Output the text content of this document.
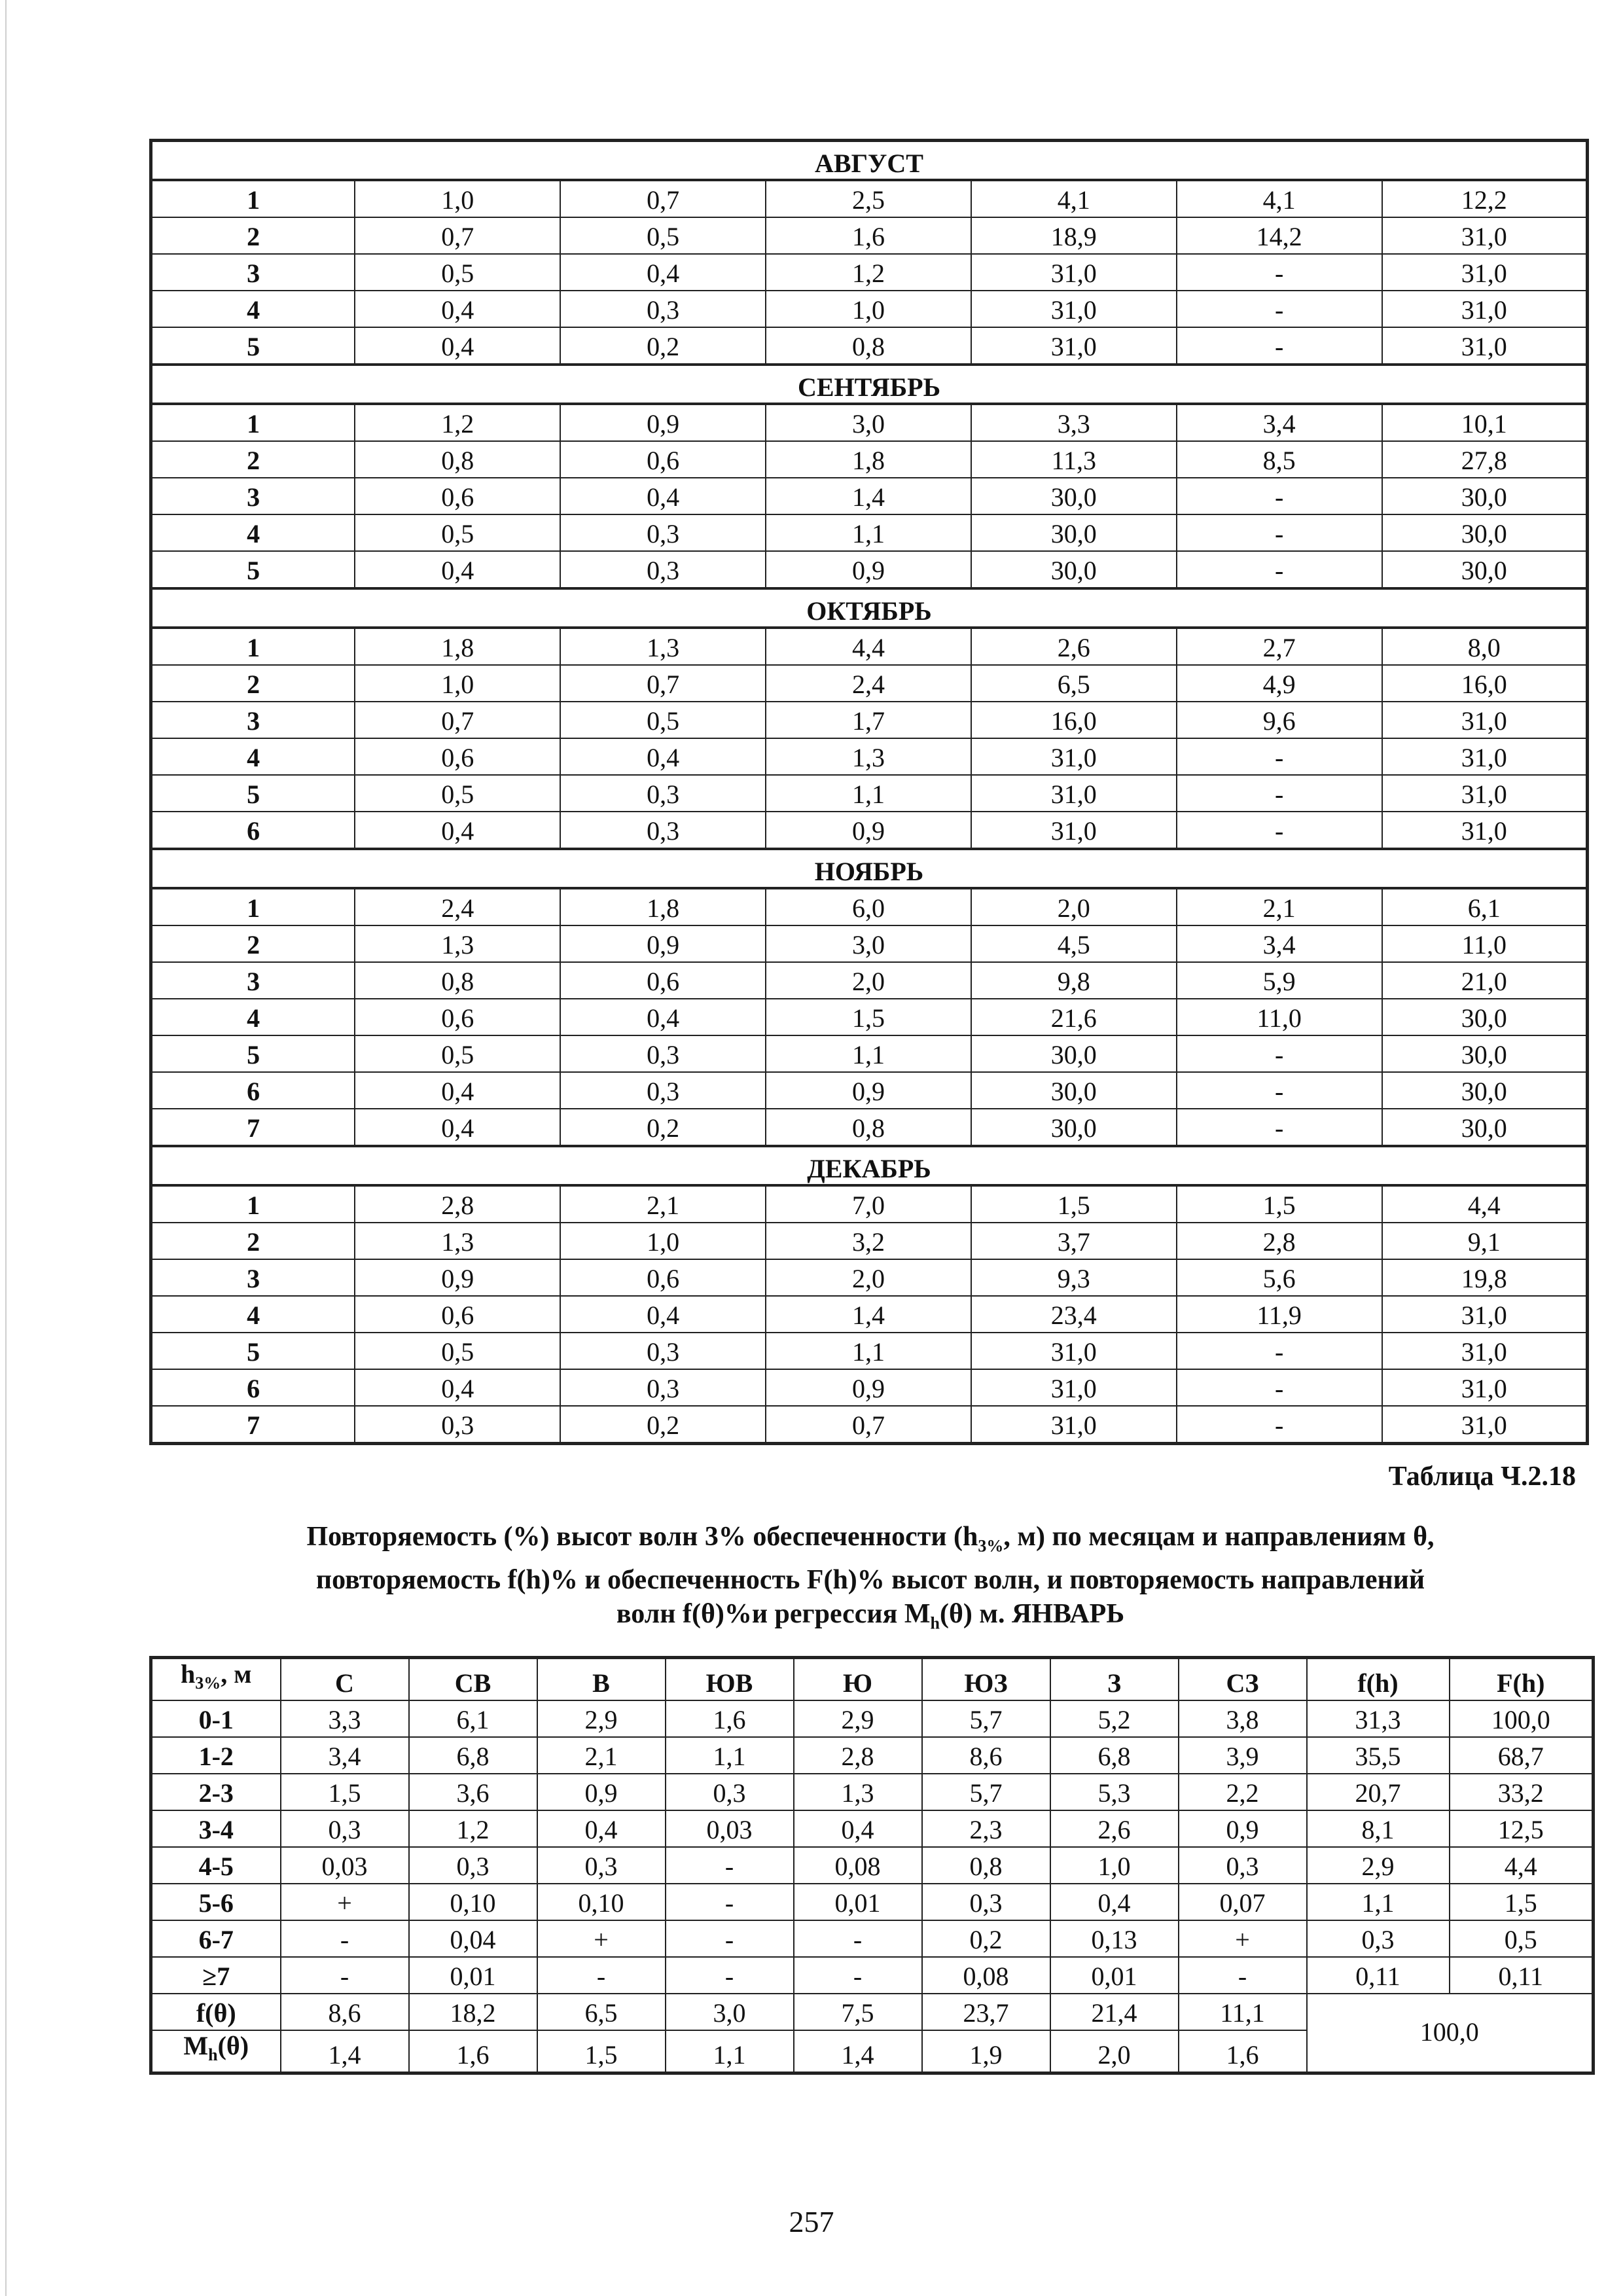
АВГУСТ						
1	1,0	0,7	2,5	4,1	4,1	12,2
2	0,7	0,5	1,6	18,9	14,2	31,0
3	0,5	0,4	1,2	31,0	-	31,0
4	0,4	0,3	1,0	31,0	-	31,0
5	0,4	0,2	0,8	31,0	-	31,0
СЕНТЯБРЬ						
1	1,2	0,9	3,0	3,3	3,4	10,1
2	0,8	0,6	1,8	11,3	8,5	27,8
3	0,6	0,4	1,4	30,0	-	30,0
4	0,5	0,3	1,1	30,0	-	30,0
5	0,4	0,3	0,9	30,0	-	30,0
ОКТЯБРЬ						
1	1,8	1,3	4,4	2,6	2,7	8,0
2	1,0	0,7	2,4	6,5	4,9	16,0
3	0,7	0,5	1,7	16,0	9,6	31,0
4	0,6	0,4	1,3	31,0	-	31,0
5	0,5	0,3	1,1	31,0	-	31,0
6	0,4	0,3	0,9	31,0	-	31,0
НОЯБРЬ						
1	2,4	1,8	6,0	2,0	2,1	6,1
2	1,3	0,9	3,0	4,5	3,4	11,0
3	0,8	0,6	2,0	9,8	5,9	21,0
4	0,6	0,4	1,5	21,6	11,0	30,0
5	0,5	0,3	1,1	30,0	-	30,0
6	0,4	0,3	0,9	30,0	-	30,0
7	0,4	0,2	0,8	30,0	-	30,0
ДЕКАБРЬ						
1	2,8	2,1	7,0	1,5	1,5	4,4
2	1,3	1,0	3,2	3,7	2,8	9,1
3	0,9	0,6	2,0	9,3	5,6	19,8
4	0,6	0,4	1,4	23,4	11,9	31,0
5	0,5	0,3	1,1	31,0	-	31,0
6	0,4	0,3	0,9	31,0	-	31,0
7	0,3	0,2	0,7	31,0	-	31,0
Таблица Ч.2.18
Повторяемость (%) высот волн 3% обеспеченности ($h_{3\%}$, м) по месяцам и направлениям θ,
повторяемость f(h)% и обеспеченность F(h)% высот волн, и повторяемость направлений
волн f(θ)%и регрессия $M_h(\theta)$ м. ЯНВАРЬ
$h_{3\%}$, м	С	СВ	В	ЮВ	Ю	ЮЗ	З	СЗ	f(h)	F(h)
0-1	3,3	6,1	2,9	1,6	2,9	5,7	5,2	3,8	31,3	100,0
1-2	3,4	6,8	2,1	1,1	2,8	8,6	6,8	3,9	35,5	68,7
2-3	1,5	3,6	0,9	0,3	1,3	5,7	5,3	2,2	20,7	33,2
3-4	0,3	1,2	0,4	0,03	0,4	2,3	2,6	0,9	8,1	12,5
4-5	0,03	0,3	0,3	-	0,08	0,8	1,0	0,3	2,9	4,4
5-6	+	0,10	0,10	-	0,01	0,3	0,4	0,07	1,1	1,5
6-7	-	0,04	+	-	-	0,2	0,13	+	0,3	0,5
≥7	-	0,01	-	-	-	0,08	0,01	-	0,11	0,11
f(θ)	8,6	18,2	6,5	3,0	7,5	23,7	21,4	11,1	100,0	
$M_h(\theta)$	1,4	1,6	1,5	1,1	1,4	1,9	2,0	1,6		
257
